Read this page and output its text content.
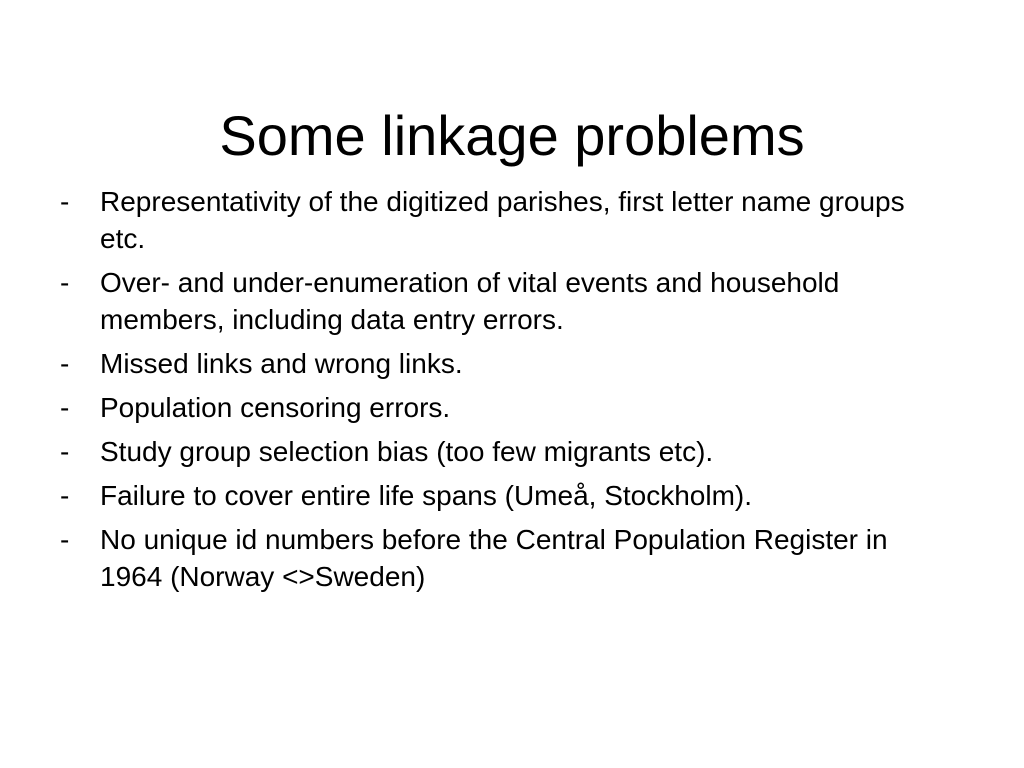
Some linkage problems
- Representativity of the digitized parishes, first letter name groups etc.
- Over- and under-enumeration of vital events and household members, including data entry errors.
- Missed links and wrong links.
- Population censoring errors.
- Study group selection bias (too few migrants etc).
- Failure to cover entire life spans (Umeå, Stockholm).
- No unique id numbers before the Central Population Register in 1964 (Norway <>Sweden)
